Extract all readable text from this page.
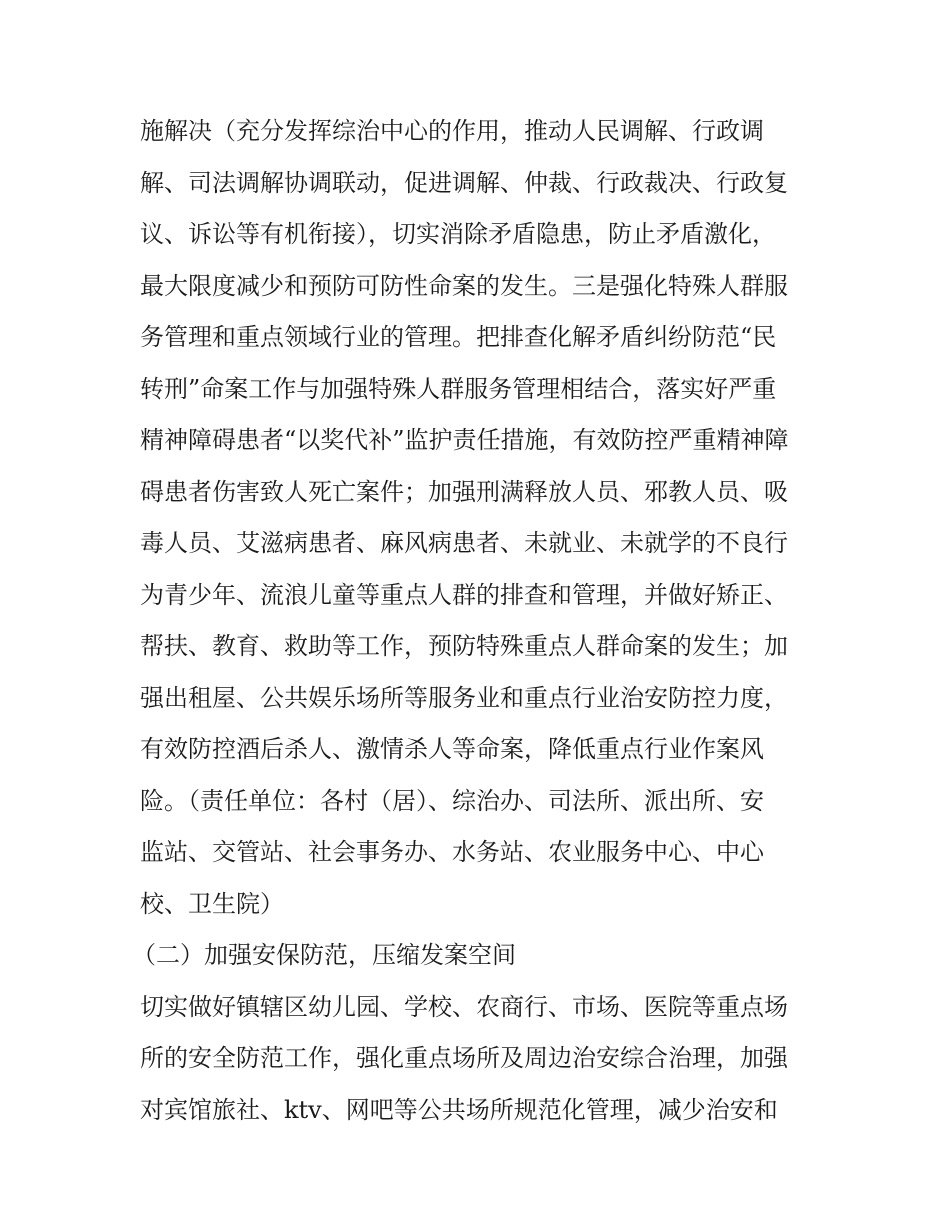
施解决（充分发挥综治中心的作用，推动人民调解、行政调
解、司法调解协调联动，促进调解、仲裁、行政裁决、行政复
议、诉讼等有机衔接），切实消除矛盾隐患，防止矛盾激化，
最大限度减少和预防可防性命案的发生。三是强化特殊人群服
务管理和重点领域行业的管理。把排查化解矛盾纠纷防范“民
转刑”命案工作与加强特殊人群服务管理相结合，落实好严重
精神障碍患者“以奖代补”监护责任措施，有效防控严重精神障
碍患者伤害致人死亡案件；加强刑满释放人员、邪教人员、吸
毒人员、艾滋病患者、麻风病患者、未就业、未就学的不良行
为青少年、流浪儿童等重点人群的排查和管理，并做好矫正、
帮扶、教育、救助等工作，预防特殊重点人群命案的发生；加
强出租屋、公共娱乐场所等服务业和重点行业治安防控力度，
有效防控酒后杀人、激情杀人等命案，降低重点行业作案风
险。（责任单位：各村（居）、综治办、司法所、派出所、安
监站、交管站、社会事务办、水务站、农业服务中心、中心
校、卫生院）
（二）加强安保防范，压缩发案空间
切实做好镇辖区幼儿园、学校、农商行、市场、医院等重点场
所的安全防范工作，强化重点场所及周边治安综合治理，加强
对宾馆旅社、ktv、网吧等公共场所规范化管理，减少治安和
